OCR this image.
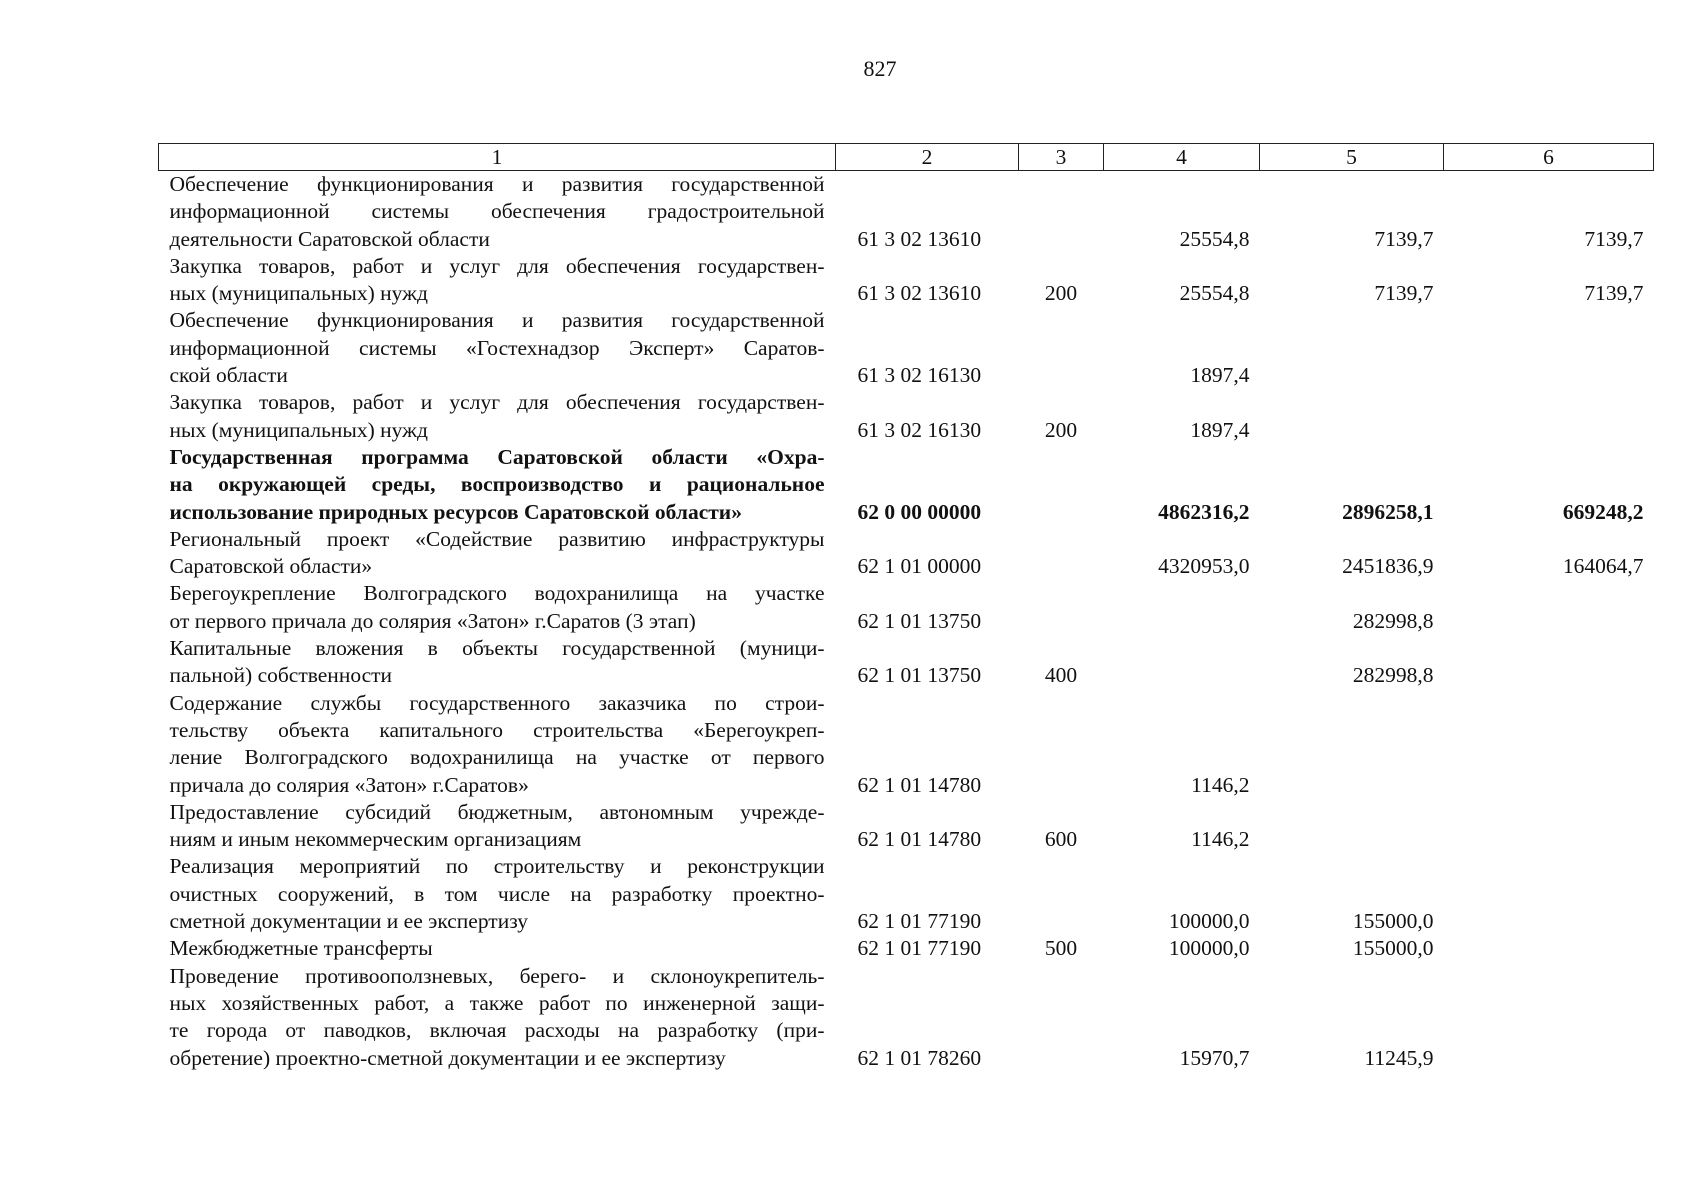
827
1	2	3	4	5	6

Обеспечение функционирования и развития государственной
информационной системы обеспечения градостроительной
деятельности Саратовской области	61 3 02 13610		25554,8	7139,7	7139,7

Закупка товаров, работ и услуг для обеспечения государствен-
ных (муниципальных) нужд	61 3 02 13610	200	25554,8	7139,7	7139,7

Обеспечение функционирования и развития государственной
информационной системы «Гостехнадзор Эксперт» Саратов-
ской области	61 3 02 16130		1897,4		

Закупка товаров, работ и услуг для обеспечения государствен-
ных (муниципальных) нужд	61 3 02 16130	200	1897,4		

Государственная программа Саратовской области «Охра-
на окружающей среды, воспроизводство и рациональное
использование природных ресурсов Саратовской области»	62 0 00 00000		4862316,2	2896258,1	669248,2

Региональный проект «Содействие развитию инфраструктуры
Саратовской области»	62 1 01 00000		4320953,0	2451836,9	164064,7

Берегоукрепление Волгоградского водохранилища на участке
от первого причала до солярия «Затон» г.Саратов (3 этап)	62 1 01 13750			282998,8	

Капитальные вложения в объекты государственной (муници-
пальной) собственности	62 1 01 13750	400		282998,8	

Содержание службы государственного заказчика по строи-
тельству объекта капитального строительства «Берегоукреп-
ление Волгоградского водохранилища на участке от первого
причала до солярия «Затон» г.Саратов»	62 1 01 14780		1146,2		

Предоставление субсидий бюджетным, автономным учрежде-
ниям и иным некоммерческим организациям	62 1 01 14780	600	1146,2		

Реализация мероприятий по строительству и реконструкции
очистных сооружений, в том числе на разработку проектно-
сметной документации и ее экспертизу	62 1 01 77190		100000,0	155000,0	

Межбюджетные трансферты	62 1 01 77190	500	100000,0	155000,0	

Проведение противооползневых, берего- и склоноукрепитель-
ных хозяйственных работ, а также работ по инженерной защи-
те города от паводков, включая расходы на разработку (при-
обретение) проектно-сметной документации и ее экспертизу	62 1 01 78260		15970,7	11245,9	
